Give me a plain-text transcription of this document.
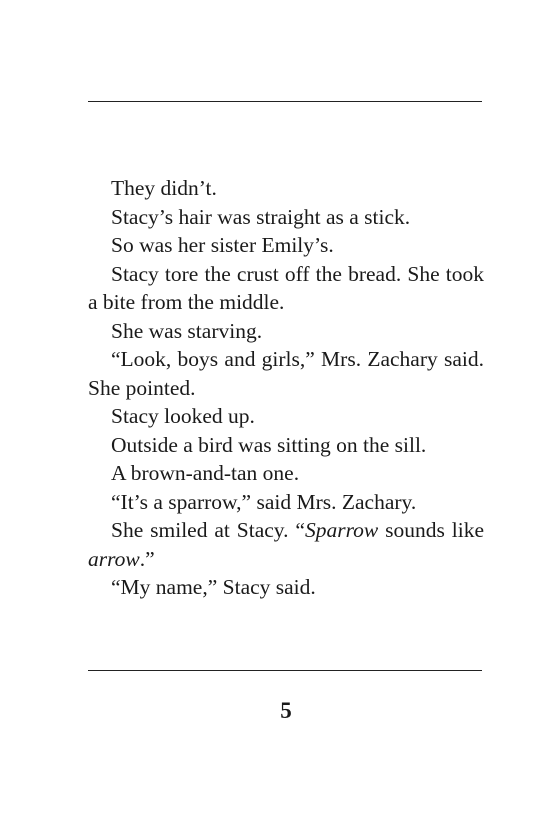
They didn’t.

Stacy’s hair was straight as a stick.

So was her sister Emily’s.

Stacy tore the crust off the bread. She took a bite from the middle.

She was starving.

“Look, boys and girls,” Mrs. Zachary said. She pointed.

Stacy looked up.

Outside a bird was sitting on the sill.

A brown-and-tan one.

“It’s a sparrow,” said Mrs. Zachary.

She smiled at Stacy. “Sparrow sounds like arrow.”

“My name,” Stacy said.

5
